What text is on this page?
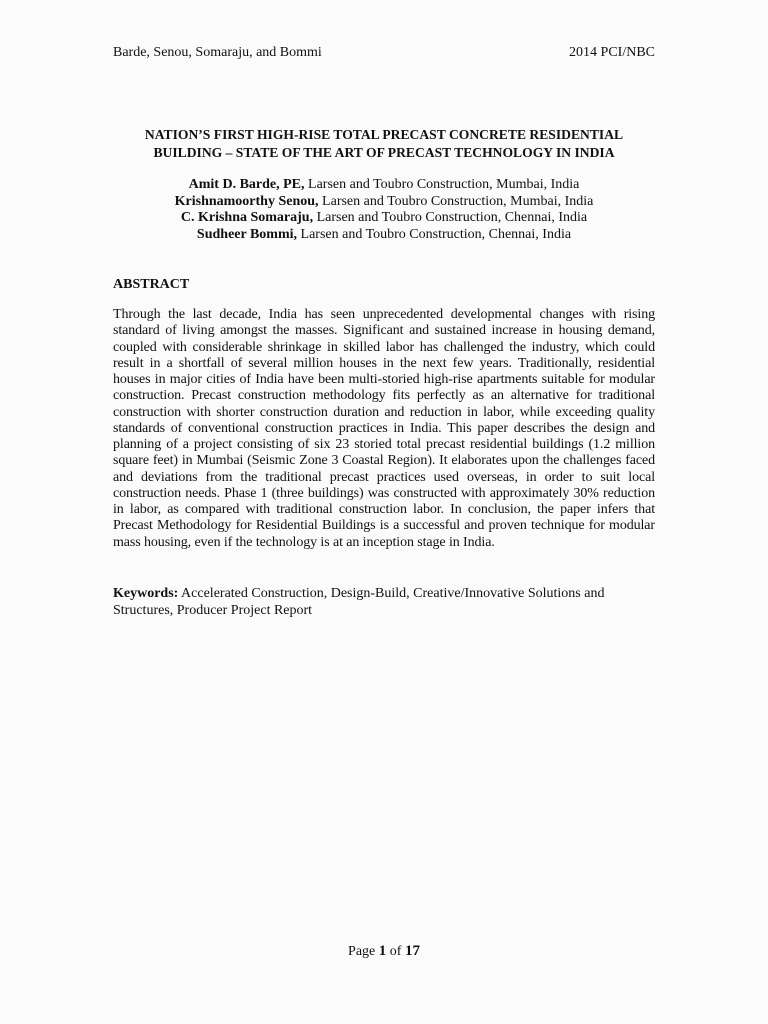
Barde, Senou, Somaraju, and Bommi	2014 PCI/NBC
NATION’S FIRST HIGH-RISE TOTAL PRECAST CONCRETE RESIDENTIAL
BUILDING – STATE OF THE ART OF PRECAST TECHNOLOGY IN INDIA
Amit D. Barde, PE, Larsen and Toubro Construction, Mumbai, India
Krishnamoorthy Senou, Larsen and Toubro Construction, Mumbai, India
C. Krishna Somaraju, Larsen and Toubro Construction, Chennai, India
Sudheer Bommi, Larsen and Toubro Construction, Chennai, India
ABSTRACT
Through the last decade, India has seen unprecedented developmental changes with rising standard of living amongst the masses. Significant and sustained increase in housing demand, coupled with considerable shrinkage in skilled labor has challenged the industry, which could result in a shortfall of several million houses in the next few years. Traditionally, residential houses in major cities of India have been multi-storied high-rise apartments suitable for modular construction. Precast construction methodology fits perfectly as an alternative for traditional construction with shorter construction duration and reduction in labor, while exceeding quality standards of conventional construction practices in India. This paper describes the design and planning of a project consisting of six 23 storied total precast residential buildings (1.2 million square feet) in Mumbai (Seismic Zone 3 Coastal Region). It elaborates upon the challenges faced and deviations from the traditional precast practices used overseas, in order to suit local construction needs. Phase 1 (three buildings) was constructed with approximately 30% reduction in labor, as compared with traditional construction labor. In conclusion, the paper infers that Precast Methodology for Residential Buildings is a successful and proven technique for modular mass housing, even if the technology is at an inception stage in India.
Keywords: Accelerated Construction, Design-Build, Creative/Innovative Solutions and Structures, Producer Project Report
Page 1 of 17
